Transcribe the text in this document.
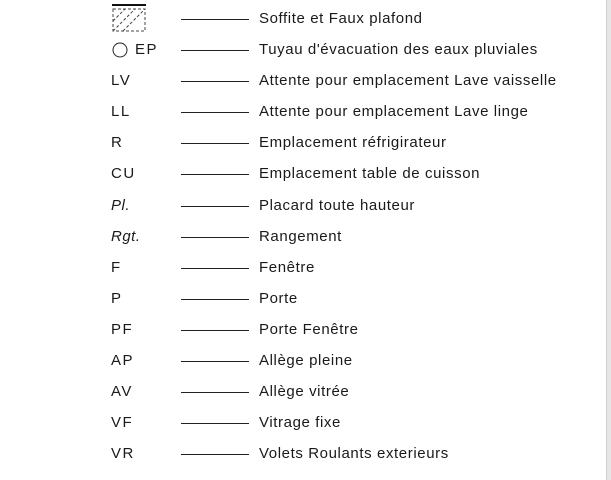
Soffite et Faux plafond
EP	Tuyau d'évacuation des eaux pluviales
LV	Attente pour emplacement Lave vaisselle
LL	Attente pour emplacement Lave linge
R	Emplacement réfrigirateur
CU	Emplacement table de cuisson
Pl.	Placard toute hauteur
Rgt.	Rangement
F	Fenêtre
P	Porte
PF	Porte Fenêtre
AP	Allège pleine
AV	Allège vitrée
VF	Vitrage fixe
VR	Volets Roulants exterieurs
